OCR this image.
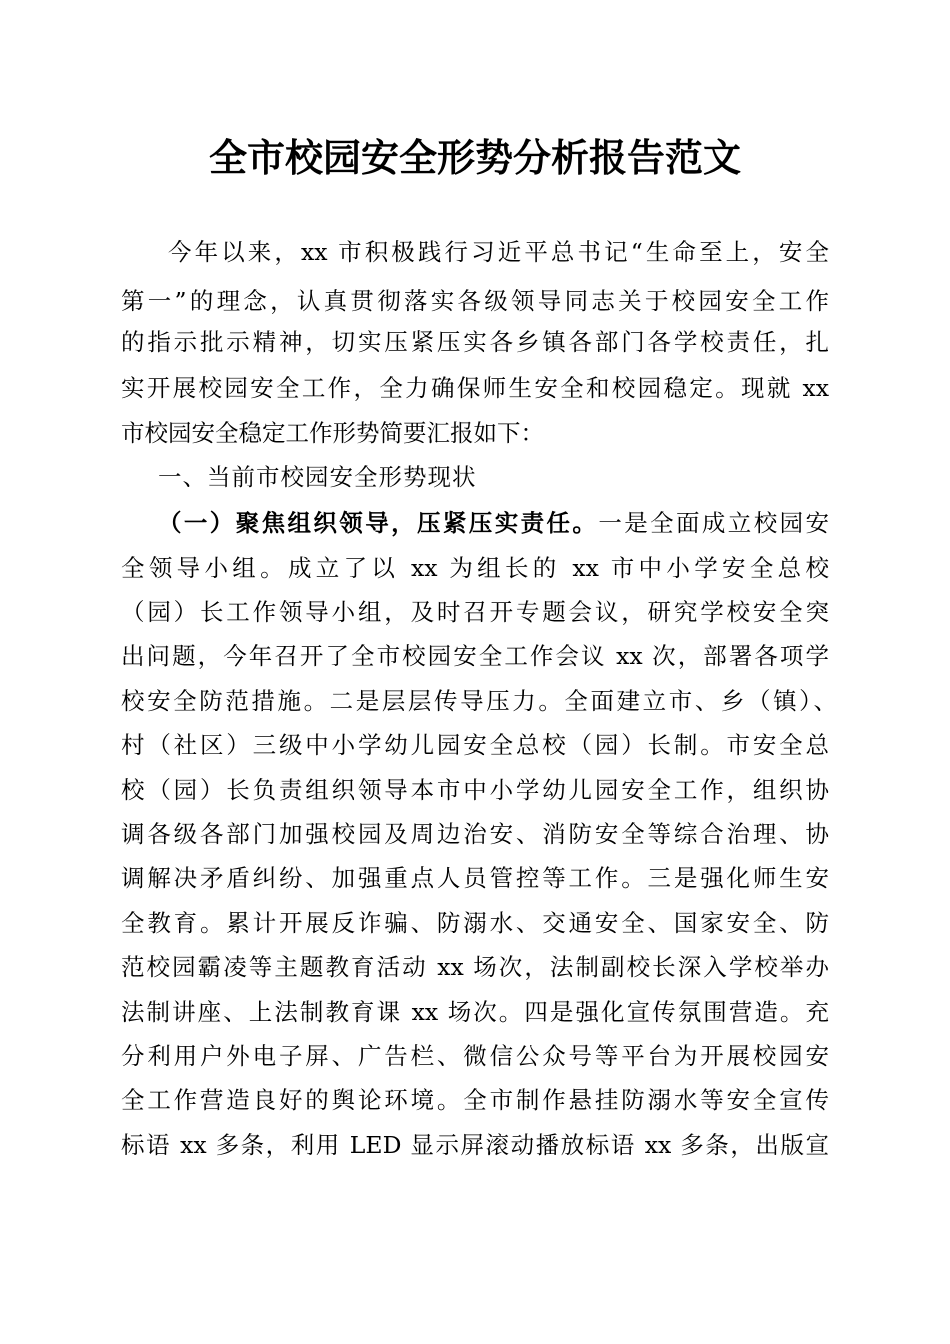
全市校园安全形势分析报告范文
今年以来，xx 市积极践行习近平总书记“生命至上，安全
第一”的理念，认真贯彻落实各级领导同志关于校园安全工作
的指示批示精神，切实压紧压实各乡镇各部门各学校责任，扎
实开展校园安全工作，全力确保师生安全和校园稳定。现就 xx
市校园安全稳定工作形势简要汇报如下：
一、当前市校园安全形势现状
（一）聚焦组织领导，压紧压实责任。一是全面成立校园安
全领导小组。成立了以 xx 为组长的 xx 市中小学安全总校
（园）长工作领导小组，及时召开专题会议，研究学校安全突
出问题，今年召开了全市校园安全工作会议 xx 次，部署各项学
校安全防范措施。二是层层传导压力。全面建立市、乡（镇）、
村（社区）三级中小学幼儿园安全总校（园）长制。市安全总
校（园）长负责组织领导本市中小学幼儿园安全工作，组织协
调各级各部门加强校园及周边治安、消防安全等综合治理、协
调解决矛盾纠纷、加强重点人员管控等工作。三是强化师生安
全教育。累计开展反诈骗、防溺水、交通安全、国家安全、防
范校园霸凌等主题教育活动 xx 场次，法制副校长深入学校举办
法制讲座、上法制教育课 xx 场次。四是强化宣传氛围营造。充
分利用户外电子屏、广告栏、微信公众号等平台为开展校园安
全工作营造良好的舆论环境。全市制作悬挂防溺水等安全宣传
标语 xx 多条，利用 LED 显示屏滚动播放标语 xx 多条，出版宣
